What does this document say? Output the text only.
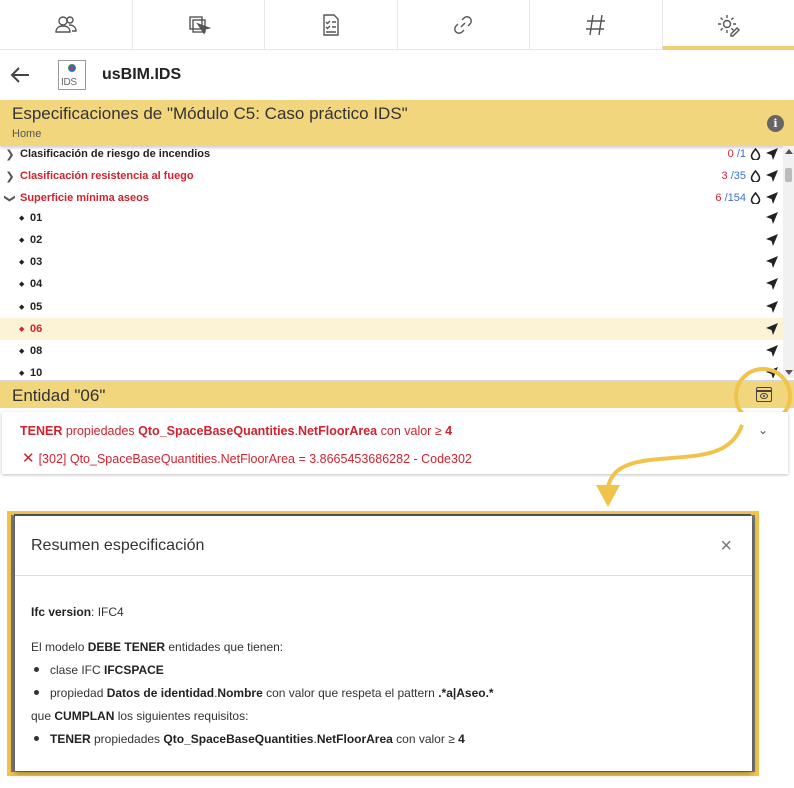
IDS usBIM.IDS
Especificaciones de "Módulo C5: Caso práctico IDS"
Home
i
❯ Clasificación de riesgo de incendios	0 /1
❯ Clasificación resistencia al fuego	3 /35
❯ Superficie mínima aseos	6 /154
◆ 01
◆ 02
◆ 03
◆ 04
◆ 05
◆ 06
◆ 08
◆ 10
Entidad "06"
TENER propiedades Qto_SpaceBaseQuantities.NetFloorArea con valor ≥ 4	⌄
✕ [302] Qto_SpaceBaseQuantities.NetFloorArea = 3.8665453686282 - Code302
Resumen especificación	×
Ifc version: IFC4
El modelo DEBE TENER entidades que tienen:
clase IFC IFCSPACE
propiedad Datos de identidad.Nombre con valor que respeta el pattern .*a|Aseo.*
que CUMPLAN los siguientes requisitos:
TENER propiedades Qto_SpaceBaseQuantities.NetFloorArea con valor ≥ 4
